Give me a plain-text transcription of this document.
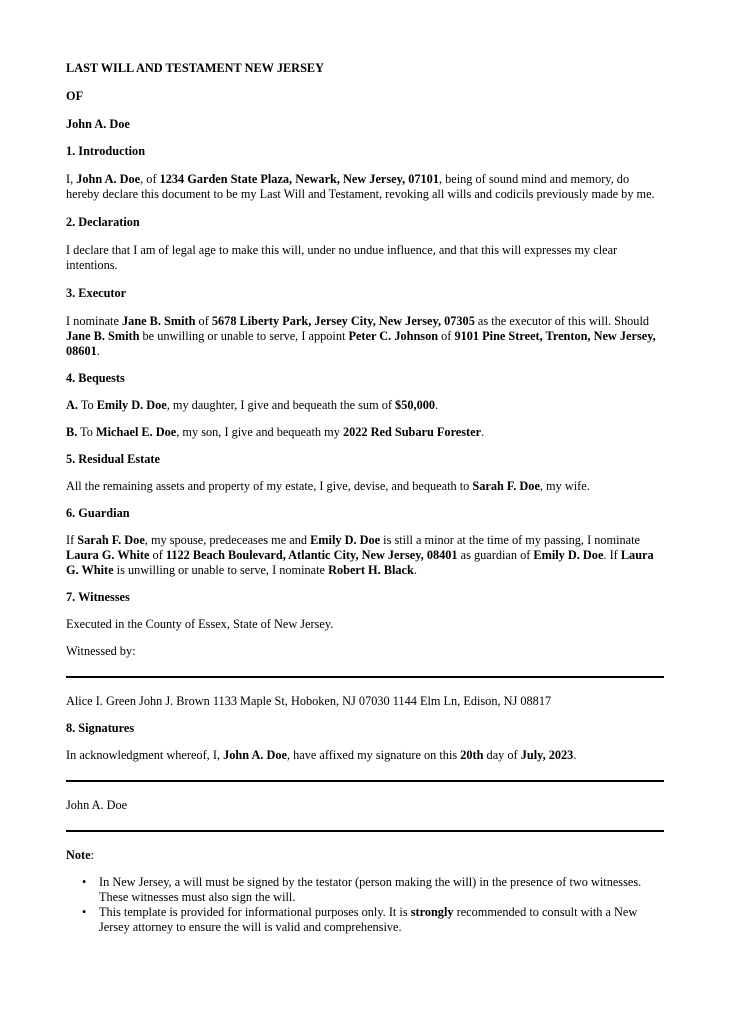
LAST WILL AND TESTAMENT NEW JERSEY

OF

John A. Doe

1. Introduction

I, John A. Doe, of 1234 Garden State Plaza, Newark, New Jersey, 07101, being of sound mind and memory, do hereby declare this document to be my Last Will and Testament, revoking all wills and codicils previously made by me.

2. Declaration

I declare that I am of legal age to make this will, under no undue influence, and that this will expresses my clear intentions.

3. Executor

I nominate Jane B. Smith of 5678 Liberty Park, Jersey City, New Jersey, 07305 as the executor of this will. Should Jane B. Smith be unwilling or unable to serve, I appoint Peter C. Johnson of 9101 Pine Street, Trenton, New Jersey, 08601.

4. Bequests

A. To Emily D. Doe, my daughter, I give and bequeath the sum of $50,000.

B. To Michael E. Doe, my son, I give and bequeath my 2022 Red Subaru Forester.

5. Residual Estate

All the remaining assets and property of my estate, I give, devise, and bequeath to Sarah F. Doe, my wife.

6. Guardian

If Sarah F. Doe, my spouse, predeceases me and Emily D. Doe is still a minor at the time of my passing, I nominate Laura G. White of 1122 Beach Boulevard, Atlantic City, New Jersey, 08401 as guardian of Emily D. Doe. If Laura G. White is unwilling or unable to serve, I nominate Robert H. Black.

7. Witnesses

Executed in the County of Essex, State of New Jersey.

Witnessed by:

Alice I. Green John J. Brown 1133 Maple St, Hoboken, NJ 07030 1144 Elm Ln, Edison, NJ 08817

8. Signatures

In acknowledgment whereof, I, John A. Doe, have affixed my signature on this 20th day of July, 2023.

John A. Doe

Note:

• In New Jersey, a will must be signed by the testator (person making the will) in the presence of two witnesses. These witnesses must also sign the will.
• This template is provided for informational purposes only. It is strongly recommended to consult with a New Jersey attorney to ensure the will is valid and comprehensive.
